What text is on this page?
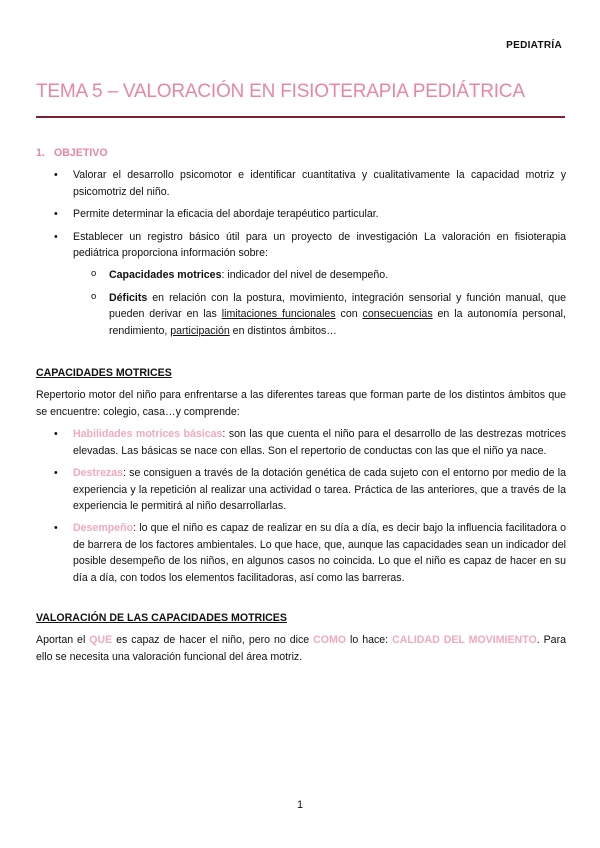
PEDIATRÍA
TEMA 5 – VALORACIÓN EN FISIOTERAPIA PEDIÁTRICA
1. OBJETIVO
• Valorar el desarrollo psicomotor e identificar cuantitativa y cualitativamente la capacidad motriz y psicomotriz del niño.
• Permite determinar la eficacia del abordaje terapéutico particular.
• Establecer un registro básico útil para un proyecto de investigación La valoración en fisioterapia pediátrica proporciona información sobre:
o Capacidades motrices: indicador del nivel de desempeño.
o Déficits en relación con la postura, movimiento, integración sensorial y función manual, que pueden derivar en las limitaciones funcionales con consecuencias en la autonomía personal, rendimiento, participación en distintos ámbitos…
CAPACIDADES MOTRICES
Repertorio motor del niño para enfrentarse a las diferentes tareas que forman parte de los distintos ámbitos que se encuentre: colegio, casa…y comprende:
• Habilidades motrices básicas: son las que cuenta el niño para el desarrollo de las destrezas motrices elevadas. Las básicas se nace con ellas. Son el repertorio de conductas con las que el niño ya nace.
• Destrezas: se consiguen a través de la dotación genética de cada sujeto con el entorno por medio de la experiencia y la repetición al realizar una actividad o tarea. Práctica de las anteriores, que a través de la experiencia le permitirá al niño desarrollarlas.
• Desempeño: lo que el niño es capaz de realizar en su día a día, es decir bajo la influencia facilitadora o de barrera de los factores ambientales. Lo que hace, que, aunque las capacidades sean un indicador del posible desempeño de los niños, en algunos casos no coincida. Lo que el niño es capaz de hacer en su día a día, con todos los elementos facilitadoras, así como las barreras.
VALORACIÓN DE LAS CAPACIDADES MOTRICES
Aportan el QUE es capaz de hacer el niño, pero no dice COMO lo hace: CALIDAD DEL MOVIMIENTO. Para ello se necesita una valoración funcional del área motriz.
1
